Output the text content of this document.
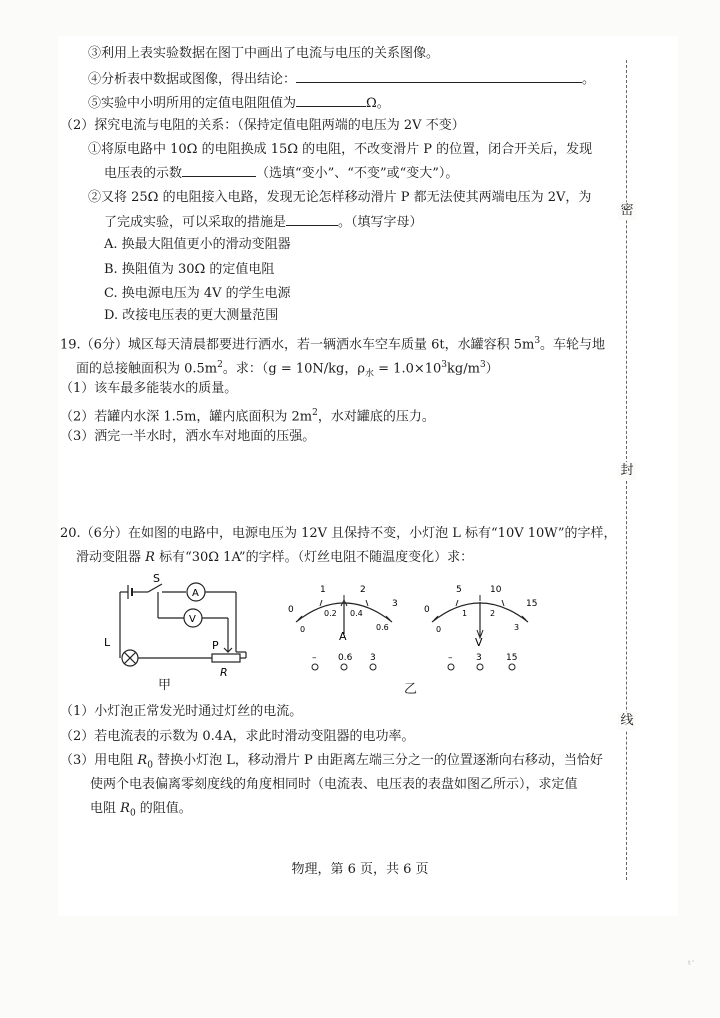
③利用上表实验数据在图丁中画出了电流与电压的关系图像。
④分析表中数据或图像，得出结论：	。
⑤实验中小明所用的定值电阻阻值为	Ω。
（2）探究电流与电阻的关系：（保持定值电阻两端的电压为 2V 不变）
①将原电路中 10Ω 的电阻换成 15Ω 的电阻，不改变滑片 P 的位置，闭合开关后，发现
电压表的示数	（选填“变小”、“不变”或“变大”）。
②又将 25Ω 的电阻接入电路，发现无论怎样移动滑片 P 都无法使其两端电压为 2V，为
了完成实验，可以采取的措施是	。（填写字母）
A. 换最大阻值更小的滑动变阻器
B. 换阻值为 30Ω 的定值电阻
C. 换电源电压为 4V 的学生电源
D. 改接电压表的更大测量范围
19.（6分）城区每天清晨都要进行洒水，若一辆洒水车空车质量 6t，水罐容积 $5m^3$。车轮与地
面的总接触面积为 $0.5m^2$。求：（g = 10N/kg，$\rho_水 = 1.0\times 10^3kg/m^3$）
（1）该车最多能装水的质量。
（2）若罐内水深 1.5m，罐内底面积为 $2m^2$，水对罐底的压力。
（3）洒完一半水时，洒水车对地面的压强。
20.（6分）在如图的电路中，电源电压为 12V 且保持不变，小灯泡 L 标有“10V 10W”的字样，
滑动变阻器 R 标有“30Ω 1A”的字样。（灯丝电阻不随温度变化）求：
S
A
V
L	P
R
甲
0
1	2
3
0
0.2 0.4
0.6
A
– 0.6 3
0
5	10
15
0
1	2
3
V
–	3	15
乙
（1）小灯泡正常发光时通过灯丝的电流。
（2）若电流表的示数为 0.4A，求此时滑动变阻器的电功率。
（3）用电阻 $R_0$ 替换小灯泡 L，移动滑片 P 由距离左端三分之一的位置逐渐向右移动，当恰好
使两个电表偏离零刻度线的角度相同时（电流表、电压表的表盘如图乙所示），求定值
电阻 $R_0$ 的阻值。
密
封
线
物理，第 6 页，共 6 页
ᵗ˙
